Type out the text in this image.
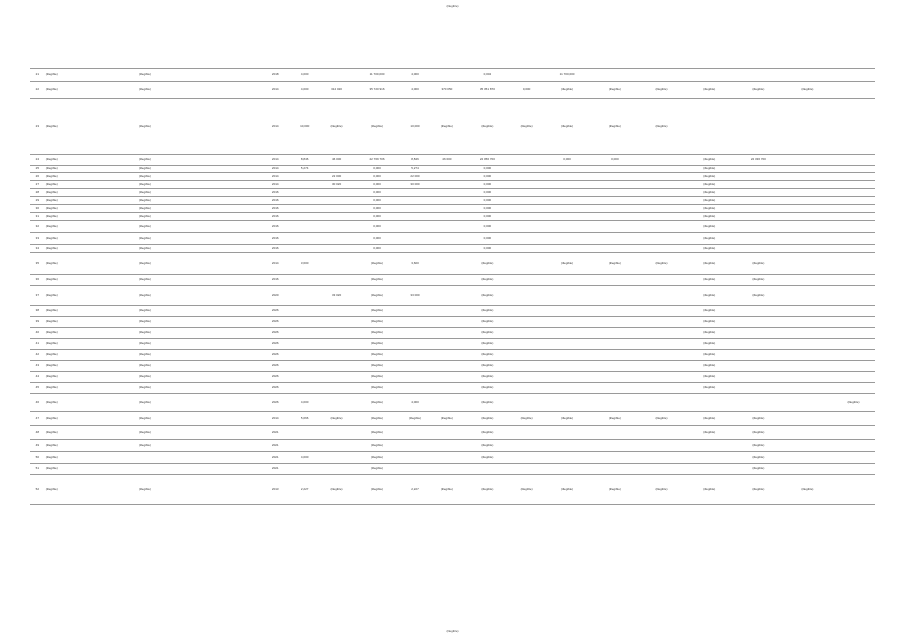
(illegible)
21	(illegible)	(illegible)	2018	4,000		11 700,000	4,000		0,004		11 700,000						
22	(illegible)	(illegible)	2014	4,000	312 020	35 720 916	4,000	370 050	35 351 870	0,000	(illegible)	(illegible)	(illegible)	(illegible)	(illegible)	(illegible)	
23	(illegible)	(illegible)	2014	10,000	(illegible)	(illegible)	10,000	(illegible)	(illegible)	(illegible)	(illegible)	(illegible)	(illegible)				
24	(illegible)	(illegible)	2014	8,846	46 000	22 769 706	8,846	46 000	22 056 700		0,000	0,000		(illegible)	22 336 700		
25	(illegible)	(illegible)	2014	5,274		0,000	5,274		0,000					(illegible)			
26	(illegible)	(illegible)	2014		22 000	0,000	22 000		0,000					(illegible)			
27	(illegible)	(illegible)	2014		30 020	0,000	30 000		0,000					(illegible)			
28	(illegible)	(illegible)	2016			0,000			0,000					(illegible)			
29	(illegible)	(illegible)	2016			0,000			0,000					(illegible)			
30	(illegible)	(illegible)	2016			0,000			0,000					(illegible)			
31	(illegible)	(illegible)	2016			0,000			0,000					(illegible)			
32	(illegible)	(illegible)	2016			0,000			0,000					(illegible)			
33	(illegible)	(illegible)	2016			0,000			0,000					(illegible)			
34	(illegible)	(illegible)	2016			0,000			0,000					(illegible)			
35	(illegible)	(illegible)	2014	3,600		(illegible)	3,600		(illegible)		(illegible)	(illegible)	(illegible)	(illegible)	(illegible)		
36	(illegible)	(illegible)	2016			(illegible)			(illegible)					(illegible)	(illegible)		
37	(illegible)	(illegible)	2020		33 020	(illegible)	33 000		(illegible)					(illegible)	(illegible)		
38	(illegible)	(illegible)	2026			(illegible)			(illegible)					(illegible)			
39	(illegible)	(illegible)	2026			(illegible)			(illegible)					(illegible)			
40	(illegible)	(illegible)	2026			(illegible)			(illegible)					(illegible)			
41	(illegible)	(illegible)	2026			(illegible)			(illegible)					(illegible)			
42	(illegible)	(illegible)	2026			(illegible)			(illegible)					(illegible)			
43	(illegible)	(illegible)	2026			(illegible)			(illegible)					(illegible)			
44	(illegible)	(illegible)	2026			(illegible)			(illegible)					(illegible)			
45	(illegible)	(illegible)	2026			(illegible)			(illegible)					(illegible)			
46	(illegible)	(illegible)	2026	4,000		(illegible)	4,000		(illegible)								(illegible)
47	(illegible)	(illegible)	2014	5,066	(illegible)	(illegible)	(illegible)	(illegible)	(illegible)	(illegible)	(illegible)	(illegible)	(illegible)	(illegible)	(illegible)		
48	(illegible)	(illegible)	2021			(illegible)			(illegible)					(illegible)	(illegible)		
49	(illegible)	(illegible)	2021			(illegible)			(illegible)						(illegible)		
50	(illegible)		2021	4,000		(illegible)			(illegible)						(illegible)		
51	(illegible)		2021			(illegible)									(illegible)		
52	(illegible)	(illegible)	2013	2,227	(illegible)	(illegible)	2,227	(illegible)	(illegible)	(illegible)	(illegible)	(illegible)	(illegible)	(illegible)	(illegible)	(illegible)	
(illegible)
